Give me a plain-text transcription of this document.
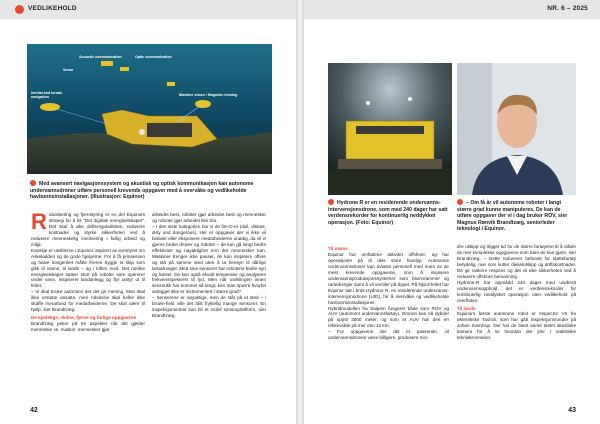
VEDLIKEHOLD
Acoustic communication	Optic communication
Sonar
Inertial and terrain navigation	Machine vision / Magnetic homing
Med avansert navigasjonssystem og akustisk og optisk kommunikasjon kan autonome undervannsdroner utføre personell krevende oppgaver med å overvåke og vedlikeholde havbunnsinstallasjoner. (Illustrasjon: Equinor)
R obotisering og fjernstyring er en del Equinors strategi for å bli "Det digitale energiselskapet". Det skal å øke driftsregulariteten, redusere kostnader og styrke sikkerheten ved å redusere menneskelig involvering i farlig arbeid og miljø.

Kanskje er utviklerne i Equinor inspirert av eventyret om Askeladden og de gode hjelperne. For å få prinsessen og halve kongeriket måtte frieren bygge et skip som gikk til vanns, til lands – og i luften med. Det norske energiselskapet satser stort på roboter som opererer under vann, inspiserer landanlegg og flyr utstyr ut til feltet.

– Vi skal bruke autonomi der det gir mening. Man skal ikke erstatte ansatte, men robotene skal heller ikke skaffe merarbeid for medarbeiderne. De skal være til hjelp, sier Brandtzæg.

De kjedelige, skitne, fjerne og farlige oppgavene

Brandtzæg peker på tre aspekter når det gjelder menneske vs. maskin: mennesker gjør

arbeidet best, roboter gjør arbeidet best og mennesker og roboter gjør arbeidet like bra.

– I den siste kategorien har vi de fire D-er (dull, distant, dirty and dangerous). Her er oppgaver der vi ikke vil belaste eller eksponere medarbeiderne unødig, da vil vi gjerne bruke droner og roboter – de kan gå langt bedre effektivitet og nøyaktighet enn det mennesker kan. Maskiner trenger ikke pauser, de kan inspisere offere og stå på samme sted uten å ta hensyn til dårlige belastninger. Med sine sensorer har robotene bedre syn og hørsel. De kan også ekvalt temperatur og analysere frekvensspekteret til lyd. Men når utviklingen innen sensorikk har kommet så langt, kan man spørre hvorfor anlegget ikke er instrumentert i større grad?

– Sensorene er nøyaktige, men de står på et sted – i brown-field ville det blitt fryktelig mange sensorer. En inspeksjonsrobot kan bli et mobil sensorplattform, sier Brandtzæg.

42
NR. 6 – 2025
Hydrone R er en residerende undervanns-intervensjonsdrone, som med 240 dager har satt verdensrekorder for kontinuerlig neddykket operasjon. (Foto: Equinor)
– Om få år vil autonome roboter i langt større grad kunne manipuleres. De kan de utføre oppgaver der vi i dag bruker ROV, sier Magnus Rønvik Brandtzæg, seniorleder teknologi i Equinor.

Til vanns

Equinor har omfattene aktivitet offshore, og har operasjoner på til dels store havdyp. Autonome undervannsdroner kan avlaste personell med noen av de mest krevende oppgavene, som å inspisere undervannsproduksjonssystemer som brønnrammer og rørledninger samt å vil ventiler på dypet. På Njord-feltet har Equinor tatt i bruk Hydrone R, en residerende undervanns-intervensjonsdrone (UID), for å overvåke og vedlikeholde havbunnsinstallasjoner.

Hybridmodellen fra Saipem fungerer både som ROV og AUV (autonomt undervannsfartøy). Dronen kan nå dybder på opptil 3000 meter, og som et AUV har den en rekkevidde på mer enn 10 km.

– For oppgavene der det er passende, vil undervannsdronen være billigere, produsere min-

dre utslipp og trigger tid for de større fartøyene til å utføre de mer komplekse oppgavene som bare de kan gjøre, sier Brandtzæg. – Dette reduserer behovet for støttefartøy betydelig, noe som kutter dieselutslipp og driftskostnader. De gir raskere respons og det vil øke sikkerheten ved å redusere offshore bemanning.

Hydrone-R har oppnådd 240 dager med uavbrutt undervannsopphold, det er verdensrekorder for kontinuerlig neddykket operasjon uten vedlikehold på overflaten.

Til lands

Equinors første autonome robot er Inspector V6 fra østerrikske Taurob, som har gått inspeksjonsrunder på Johan Sverdrup. Der har de blant annet testet akustiske kamera for å se hvordan det yter i realistiske tekniskscenarier,

43
